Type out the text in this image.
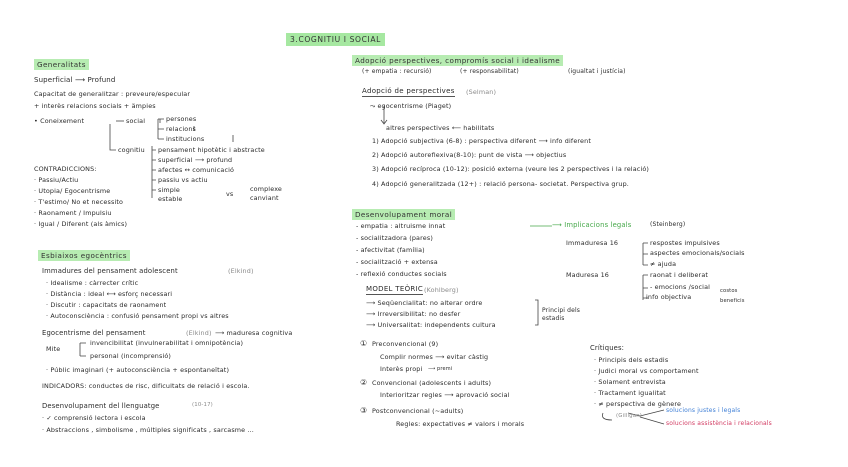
3.COGNITIU I SOCIAL
Generalitats
Superficial ⟶ Profund
Capacitat de generalitzar : preveure/especular
+ interès relacions socials + ämpies
• Coneixement	social	persones
relacions
institucions
cognitiu pensament hipotètic i abstracte
superficial ⟶ profund
afectes ↔ comunicació
passiu vs actiu
simple
estable
vs
complexe
canviant
CONTRADICCIONS:
· Passiu/Actiu
· Utopia/ Egocentrisme
· T'estimo/ No et necessito
· Raonament / Impulsiu
· Igual / Diferent (als àmics)
Esbiaixos egocèntrics
Immadures del pensament adolescent	(Elkind)
· Idealisme : càrrecter crític
· Distància : ideal ⟷ esforç necessari
· Discutir : capacitats de raonament
· Autoconsciència : confusió pensament propi vs altres
Egocentrisme del pensament	(Elkind) ⟶ maduresa cognitiva
Mite
invencibilitat (invulnerabilitat i omnipotència)
personal (incomprensió)
· Públic imaginari (+ autoconsciència + espontaneïtat)
INDICADORS: conductes de risc, dificultats de relació i escola.
Desenvolupament del llenguatge	(10-17)
· ✓ comprensió lectora i escola
· Abstraccions , simbolisme , múltiples significats , sarcasme ...
Adopció perspectives, compromís social i idealisme
(+ empatia : recursió)	(+ responsabilitat)	(igualtat i justícia)
Adopció de perspectives (Selman)
⤳ egocentrisme (Piaget)
altres perspectives ⟵ habilitats
1) Adopció subjectiva (6-8) : perspectiva diferent ⟶ info diferent
2) Adopció autoreflexiva(8-10): punt de vista ⟶ objectius
3) Adopció recíproca (10-12): posició externa (veure les 2 perspectives i la relació)
4) Adopció generalitzada (12+) : relació persona- societat. Perspectiva grup.
Desenvolupament moral
- empatia : altruisme innat
- socialitzadora (pares)
- afectivitat (família)
- socialització + extensa
- reflexió conductes socials
MODEL TEÒRIC (Kohlberg)
⟶ Seqüencialitat: no alterar ordre
⟶ Irreversibilitat: no desfer
⟶ Universalitat: independents cultura
Principi dels estadis
① Preconvencional (9)
Complir normes ⟶ evitar càstig
Interès propi ⟶ premi
② Convencional (adolescents i adults)
Interioritzar regles ⟶ aprovació social
③ Postconvencional (~adults)
Regles: expectatives ≠ valors i morals
⟶ Implicacions legals	(Steinberg)
Immaduresa 16	respostes impulsives
aspectes emocionals/socials
≠ ajuda
Maduresa 16	raonat i deliberat
- emocions /social
info objectiva
costos
beneficis
Crítiques:
· Principis dels estadis
· Judici moral vs comportament
· Solament entrevista
· Tractament igualitat
· ≠ perspectiva de gènere
(Gilligan)
solucions justes i legals
solucions assistència i relacionals
